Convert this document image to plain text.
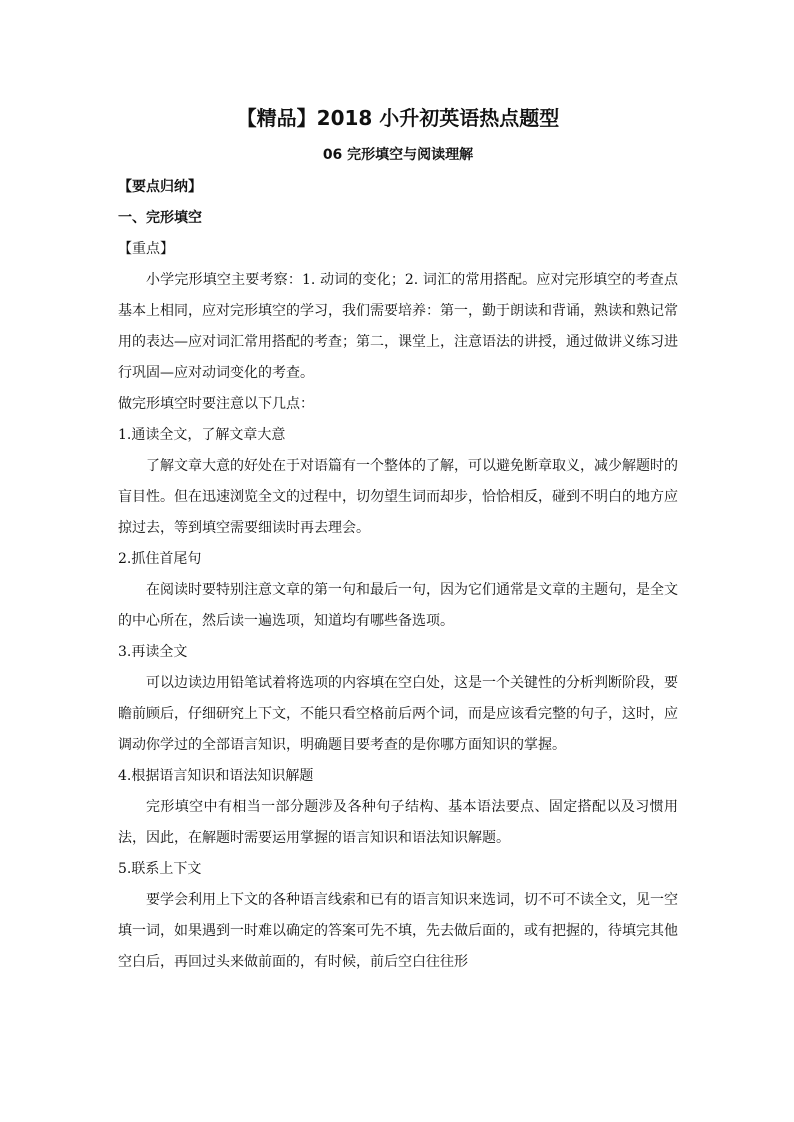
【精品】2018 小升初英语热点题型
06 完形填空与阅读理解

【要点归纳】

一、完形填空

【重点】

小学完形填空主要考察：1. 动词的变化；2. 词汇的常用搭配。应对完形填空的考查点基本上相同，应对完形填空的学习，我们需要培养：第一，勤于朗读和背诵，熟读和熟记常用的表达—应对词汇常用搭配的考查；第二，课堂上，注意语法的讲授，通过做讲义练习进行巩固—应对动词变化的考查。

做完形填空时要注意以下几点：

1.通读全文，了解文章大意

了解文章大意的好处在于对语篇有一个整体的了解，可以避免断章取义，减少解题时的盲目性。但在迅速浏览全文的过程中，切勿望生词而却步，恰恰相反，碰到不明白的地方应掠过去，等到填空需要细读时再去理会。

2.抓住首尾句

在阅读时要特别注意文章的第一句和最后一句，因为它们通常是文章的主题句，是全文的中心所在，然后读一遍选项，知道均有哪些备选项。

3.再读全文

可以边读边用铅笔试着将选项的内容填在空白处，这是一个关键性的分析判断阶段，要瞻前顾后，仔细研究上下文，不能只看空格前后两个词，而是应该看完整的句子，这时，应调动你学过的全部语言知识，明确题目要考查的是你哪方面知识的掌握。

4.根据语言知识和语法知识解题

完形填空中有相当一部分题涉及各种句子结构、基本语法要点、固定搭配以及习惯用法，因此，在解题时需要运用掌握的语言知识和语法知识解题。

5.联系上下文

要学会利用上下文的各种语言线索和已有的语言知识来选词，切不可不读全文，见一空填一词，如果遇到一时难以确定的答案可先不填，先去做后面的，或有把握的，待填完其他空白后，再回过头来做前面的，有时候，前后空白往往形
